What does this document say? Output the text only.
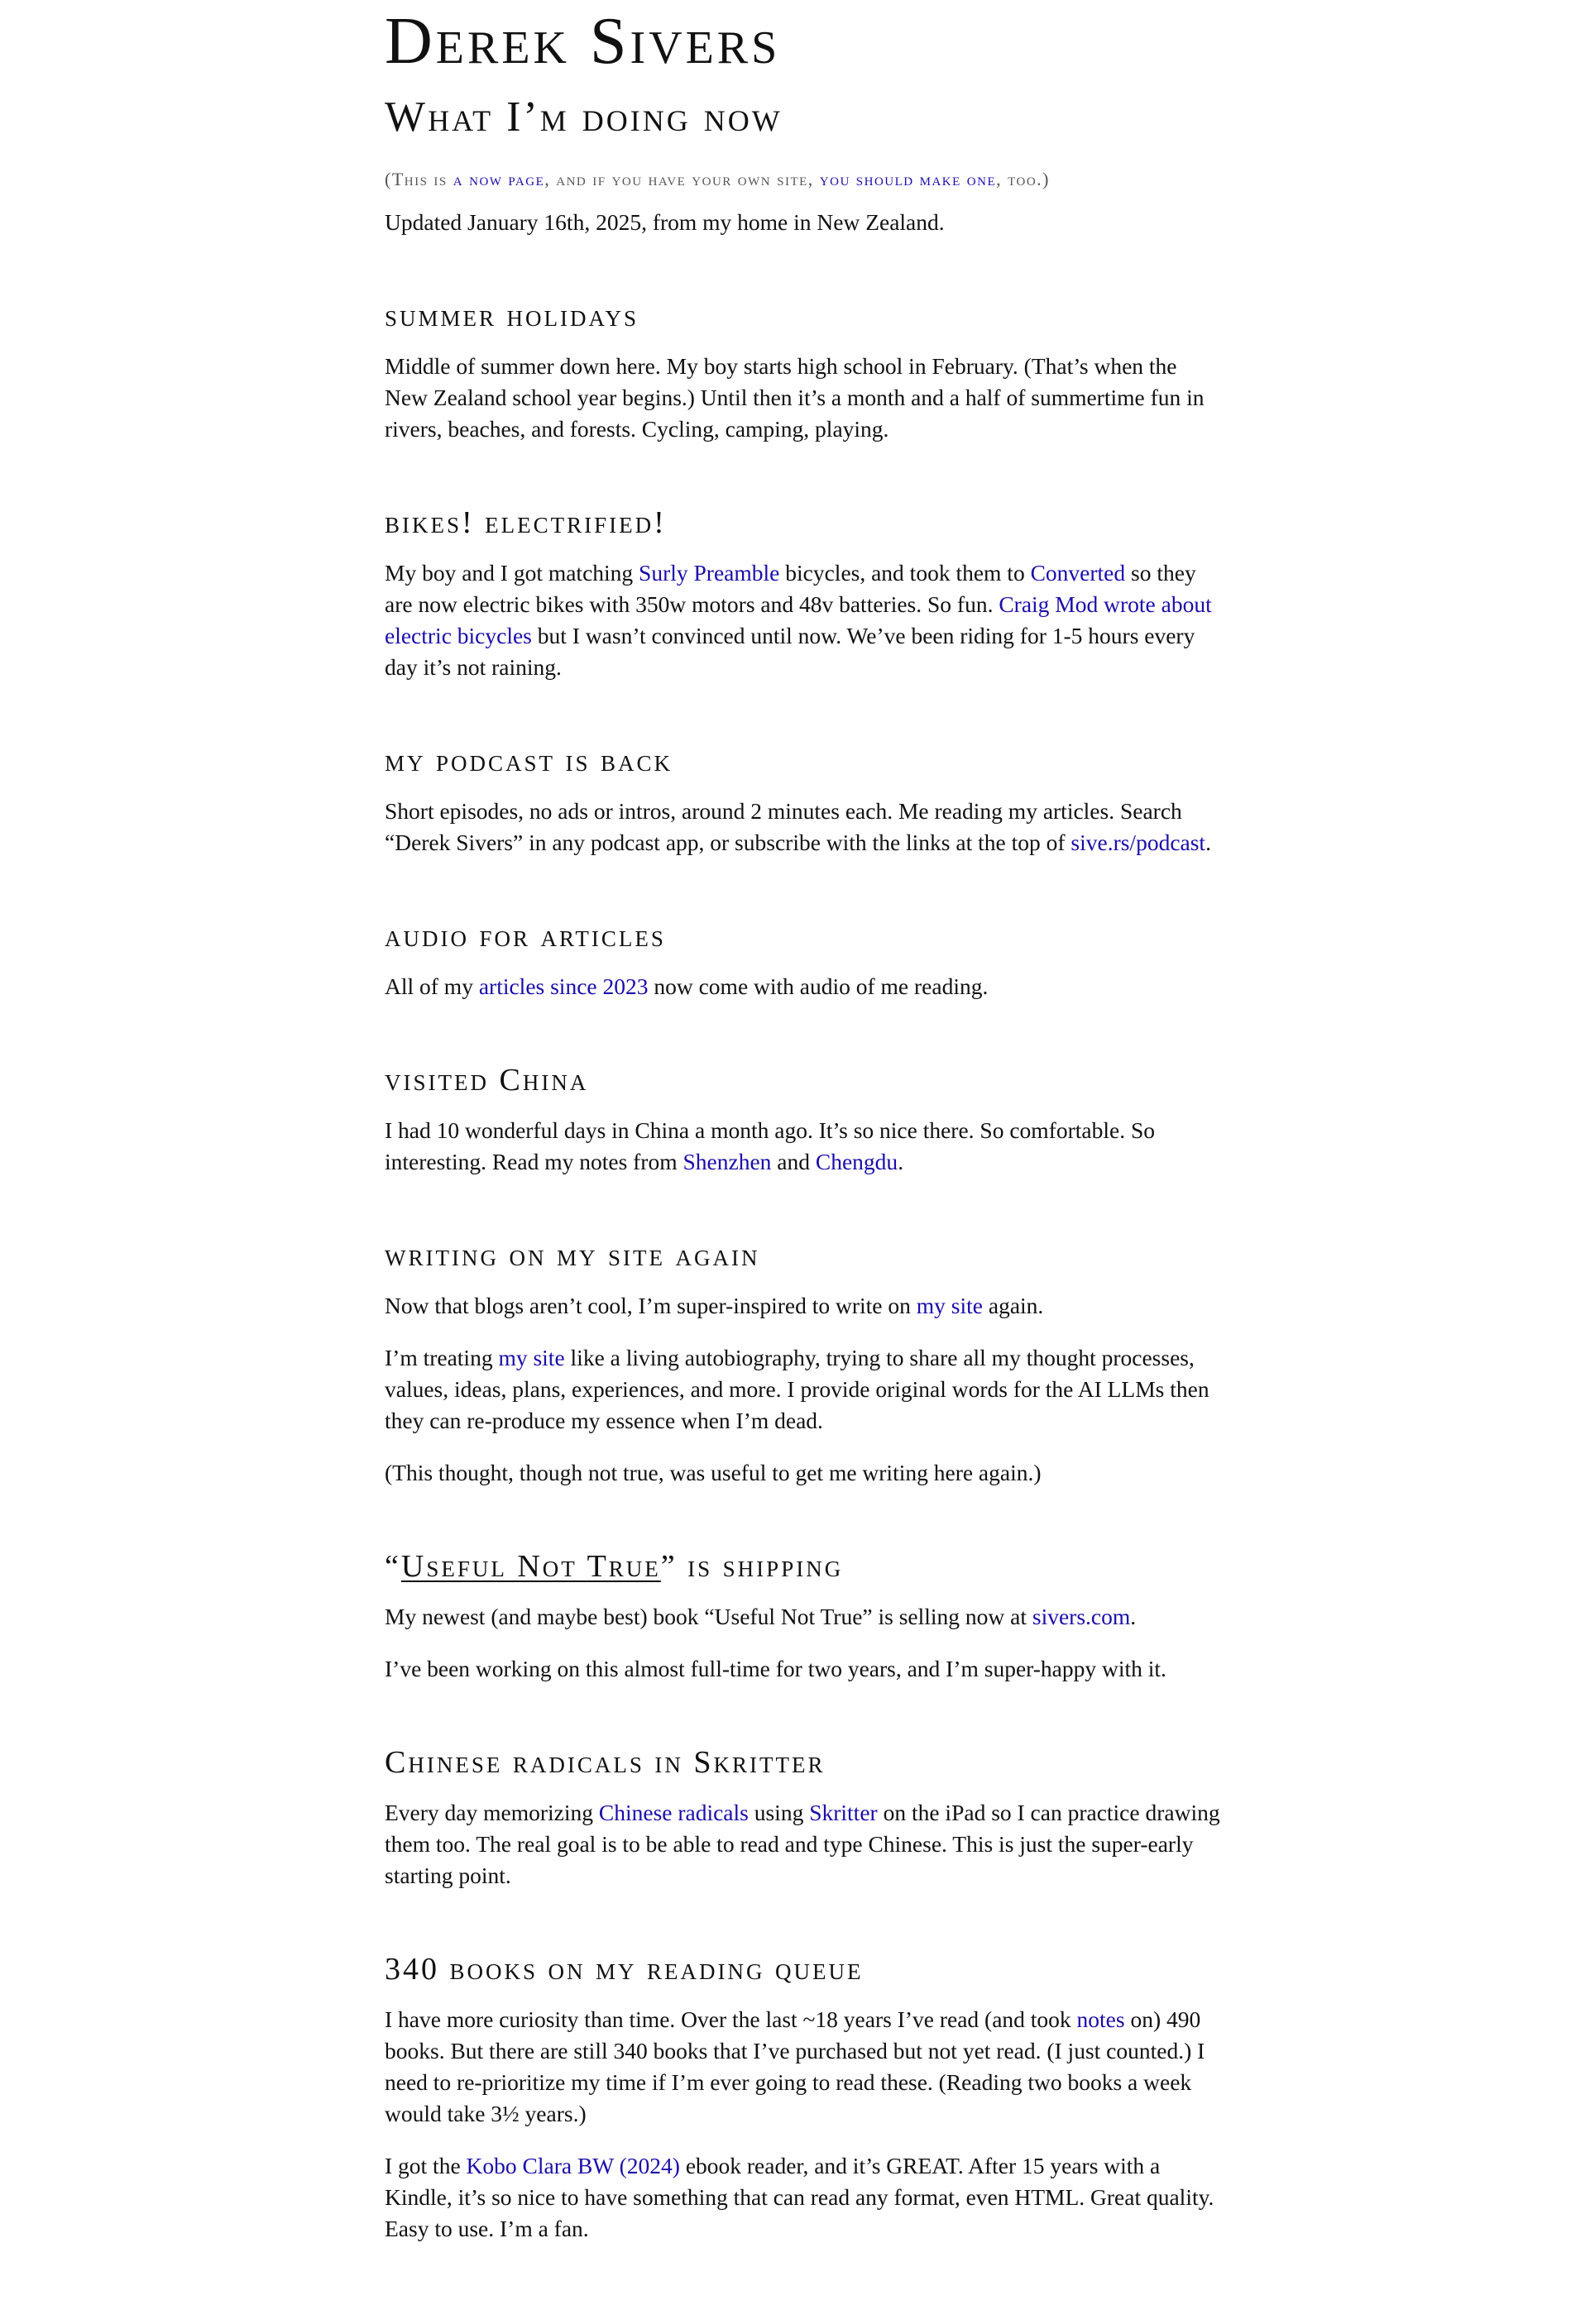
Derek Sivers
What I’m doing now

(This is a now page, and if you have your own site, you should make one, too.)

Updated January 16th, 2025, from my home in New Zealand.

summer holidays

Middle of summer down here. My boy starts high school in February. (That’s when the New Zealand school year begins.) Until then it’s a month and a half of summertime fun in rivers, beaches, and forests. Cycling, camping, playing.

bikes! electrified!

My boy and I got matching Surly Preamble bicycles, and took them to Converted so they are now electric bikes with 350w motors and 48v batteries. So fun. Craig Mod wrote about electric bicycles but I wasn’t convinced until now. We’ve been riding for 1-5 hours every day it’s not raining.

my podcast is back

Short episodes, no ads or intros, around 2 minutes each. Me reading my articles. Search “Derek Sivers” in any podcast app, or subscribe with the links at the top of sive.rs/podcast.

audio for articles

All of my articles since 2023 now come with audio of me reading.

visited China

I had 10 wonderful days in China a month ago. It’s so nice there. So comfortable. So interesting. Read my notes from Shenzhen and Chengdu.

writing on my site again

Now that blogs aren’t cool, I’m super-inspired to write on my site again.

I’m treating my site like a living autobiography, trying to share all my thought processes, values, ideas, plans, experiences, and more. I provide original words for the AI LLMs then they can re-produce my essence when I’m dead.

(This thought, though not true, was useful to get me writing here again.)

“Useful Not True” is shipping

My newest (and maybe best) book “Useful Not True” is selling now at sivers.com.

I’ve been working on this almost full-time for two years, and I’m super-happy with it.

Chinese radicals in Skritter

Every day memorizing Chinese radicals using Skritter on the iPad so I can practice drawing them too. The real goal is to be able to read and type Chinese. This is just the super-early starting point.

340 books on my reading queue

I have more curiosity than time. Over the last ~18 years I’ve read (and took notes on) 490 books. But there are still 340 books that I’ve purchased but not yet read. (I just counted.) I need to re-prioritize my time if I’m ever going to read these. (Reading two books a week would take 3½ years.)

I got the Kobo Clara BW (2024) ebook reader, and it’s GREAT. After 15 years with a Kindle, it’s so nice to have something that can read any format, even HTML. Great quality. Easy to use. I’m a fan.
